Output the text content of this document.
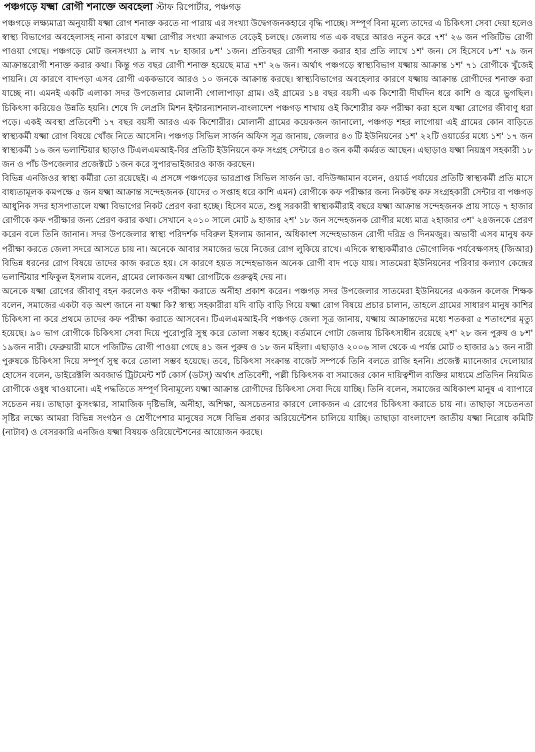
পঞ্চগড়ে যক্ষ্মা রোগী শনাক্তে অবহেলা স্টাফ রিপোর্টার, পঞ্চগড়

পঞ্চগড়ে লক্ষ্যমাত্রা অনুযায়ী যক্ষ্মা রোগ শনাক্ত করতে না পারায় এর সংখ্যা উদ্বেগজনকহারে বৃদ্ধি পাচ্ছে। সম্পূর্ণ বিনা মূল্যে তাদের এ চিকিৎসা সেবা দেয়া হলেও স্বাস্থ্য বিভাগের অবহেলাসহ নানা কারণে যক্ষ্মা রোগীর সংখ্যা ক্রমাগত বেড়েই চলছে। জেলায় গত এক বছরে আরও নতুন করে ৭শ' ২৬ জন পজিটিভ রোগী পাওয়া গেছে। পঞ্চগড়ে মোট জনসংখ্যা ৯ লাখ ৭৮ হাজার ৮শ' ১জন। প্রতিবছর রোগী শনাক্ত করার হার প্রতি লাখে ১শ' জন। সে হিসেবে ৮শ' ৭৯ জন আক্রান্তরোগী শনাক্ত করার কথা। কিন্তু গত বছর রোগী শনাক্ত হয়েছে মাত্র ৭শ' ২৬ জন। অর্থাৎ পঞ্চগড়ে স্বাস্থ্যবিভাগ যক্ষ্মায় আক্রান্ত ১শ' ৭১ রোগীকে খুঁজেই পায়নি। যে কারণে বাদপড়া এসব রোগী এককভাবে আরও ১০ জনকে আক্রান্ত করছে। স্বাস্থ্যবিভাগের অবহেলার কারণে যক্ষ্মায় আক্রান্ত রোগীদের শনাক্ত করা যাচ্ছে না। এমনই একটি এলাকা সদর উপজেলার মোলানী গোলাপাড়া গ্রাম। ওই গ্রামের ১৪ বছর বয়সী এক কিশোরী দীর্ঘদিন ধরে কাশি ও জ্বরে ভুগছিল। চিকিৎসা করিয়েও উন্নতি হয়নি। শেষে দি লেপ্রসি মিশন ইন্টারন্যাশনাল-বাংলাদেশ পঞ্চগড় শাখায় ওই কিশোরীর কফ পরীক্ষা করা হলে যক্ষ্মা রোগের জীবাণু ধরা পড়ে। একই অবস্থা প্রতিবেশী ১৭ বছর বয়সী আরও এক কিশোরীর। মোলানী গ্রামের কয়েকজন জানালো, পঞ্চগড় শহর লাগোয়া এই গ্রামের কোন বাড়িতে স্বাস্থ্যকর্মী যক্ষ্মা রোগ বিষয়ে খোঁজ নিতে আসেনি। পঞ্চগড় সিভিল সার্জন অফিস সূত্র জানায়, জেলার ৪৩ টি ইউনিয়নের ১শ' ২২টি ওয়ার্ডের মধ্যে ১শ' ১৭ জন স্বাস্থ্যকর্মী ১৬ জন ভলান্টিয়ার ছাড়াও টিএলএমআই-বির প্রতিটি ইউনিয়নে কফ সংগ্রহ সেন্টারে ৪৩ জন কর্মী কর্মরত আছেন। এছাড়াও যক্ষ্মা নিয়ন্ত্রণ সহকারী ১৮ জন ও পাঁচ উপজেলার প্রজেক্টটে ১জন করে সুপারভাইজারও কাজ করছেন।

বিভিন্ন এনজিওর স্বাস্থ্য কর্মীরা তো রয়েছেই। এ প্রসঙ্গে পঞ্চগড়ের ভারপ্রাপ্ত সিভিল সার্জন ডা. বদিউজ্জামান বলেন, ওয়ার্ড পর্যায়ের প্রতিটি স্বাস্থ্যকর্মী প্রতি মাসে বাধ্যতামূলক কমপক্ষে ৫ জন যক্ষ্মা আক্রান্ত সন্দেহজনক (যাদের ৩ সপ্তাহ ধরে কাশি এমন) রোগীকে কফ পরীক্ষার জন্য নিকটস্থ কফ সংগ্রহকারী সেন্টার বা পঞ্চগড় আধুনিক সদর হাসপাতালে যক্ষ্মা বিভাগের নিকট প্রেরণ করা হচ্ছে। হিসেব মতে, শুধু সরকারী স্বাস্থ্যকর্মীরাই বছরে যক্ষ্মা আক্রান্ত সন্দেহজনক প্রায় সাড়ে ৭ হাজার রোগীকে কফ পরীক্ষার জন্য প্রেরণ করার কথা। সেখানে ২০১০ সালে মোট ৯ হাজার ২শ' ১৮ জন সন্দেহজনক রোগীর মধ্যে মাত্র ২হাজার ৩শ' ২৪জনকে প্রেরণ করেন বলে তিনি জানান। সদর উপজেলার স্বাস্থ্য পরিদর্শক দবিরুল ইসলাম জানান, অধিকাংশ সন্দেহভাজন রোগী দরিদ্র ও দিনমজুর। অভাবী এসব মানুষ কফ পরীক্ষা করতে জেলা সদরে আসতে চায় না। অনেকে আবার সমাজের ভয়ে নিজের রোগ লুকিয়ে রাখে। এদিকে স্বাস্থ্যকর্মীরাও ভৌগোলিক পর্যবেক্ষণসহ (জিআর) বিভিন্ন ধরনের রোগ বিষয়ে তাদের কাজ করতে হয়। সে কারণে হয়ত সন্দেহভাজন অনেক রোগী বাদ পড়ে যায়। সাতমেরা ইউনিয়নের পরিবার কল্যাণ কেন্দ্রের ভলান্টিয়ার শফিকুল ইসলাম বলেন, গ্রামের লোকজন যক্ষ্মা রোগটিকে গুরুত্বই দেয় না।

অনেকে যক্ষ্মা রোগের জীবাণু বহন করলেও কফ পরীক্ষা করাতে অনীহা প্রকাশ করেন। পঞ্চগড় সদর উপজেলার সাতমেরা ইউনিয়নের একজন কলেজ শিক্ষক বলেন, সমাজের একটা বড় অংশ জানে না যক্ষ্মা কি? স্বাস্থ্য সহকারীরা যদি বাড়ি বাড়ি গিয়ে যক্ষ্মা রোগ বিষয়ে প্রচার চালান, তাহলে গ্রামের সাধারণ মানুষ কাশির চিকিৎসা না করে প্রথমে তাদের কফ পরীক্ষা করাতে আসবেন। টিএলএমআই-বি পঞ্চগড় জেলা সূত্র জানায়, যক্ষ্মায় আক্রান্তদের মধ্যে শতকরা ৫ শতাংশের মৃত্যু হয়েছে। ৯০ ভাগ রোগীকে চিকিৎসা সেবা দিয়ে পুরোপুরি সুস্থ করে তোলা সম্ভব হচ্ছে। বর্তমানে গোটা জেলায় চিকিৎসাধীন রয়েছে ২শ' ২৮ জন পুরুষ ও ৮শ' ১৯জন নারী। ফেব্রুয়ারী মাসে পজিটিভ রোগী পাওয়া গেছে ৪১ জন পুরুষ ও ১৮ জন মহিলা। এছাড়াও ২০০৬ সাল থেকে এ পর্যন্ত মোট ৩ হাজার ৯১ জন নারী পুরুষকে চিকিৎসা দিয়ে সম্পূর্ণ সুস্থ করে তোলা সম্ভব হয়েছে। তবে, চিকিৎসা সংক্রান্ত বাজেট সম্পর্কে তিনি বলতে রাজি হননি। প্রজেক্ট ম্যানেজার দেলোয়ার হোসেন বলেন, ডাইরেক্টলি অবজার্ভ ট্রিটমেন্ট শর্ট কোর্স (ডটস্) অর্থাৎ প্রতিবেশী, পল্লী চিকিৎসক বা সমাজের কোন দায়িত্বশীল ব্যক্তির মাধ্যমে প্রতিদিন নিয়মিত রোগীকে ওষুধ খাওয়ানো। এই পদ্ধতিতে সম্পূর্ণ বিনামূল্যে যক্ষ্মা আক্রান্ত রোগীদের চিকিৎসা সেবা দিয়ে যাচ্ছি। তিনি বলেন, সমাজের অধিকাংশ মানুষ এ ব্যাপারে সচেতন নয়। তাছাড়া কুসংস্কার, সামাজিক দৃষ্টিভঙ্গি, অনীহা, অশিক্ষা, অসচেতনার কারণে লোকজন এ রোগের চিকিৎসা করাতে চায় না। তাছাড়া সচেতনতা সৃষ্টির লক্ষ্যে আমরা বিভিন্ন সংগঠন ও শ্রেণীপেশার মানুষের সঙ্গে বিভিন্ন প্রকার অরিয়েন্টেশন চালিয়ে যাচ্ছি। তাছাড়া বাংলাদেশ জাতীয় যক্ষ্মা নিরোধ কমিটি (নাটাব) ও বেসরকারি এনজিও যক্ষ্মা বিষয়ক ওরিয়েন্টেশনের আয়োজন করছে।
